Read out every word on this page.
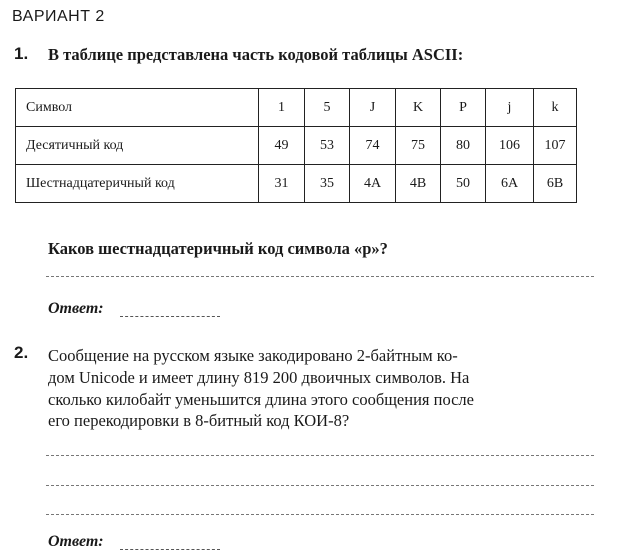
ВАРИАНТ 2
1. В таблице представлена часть кодовой таблицы ASCII:
Символ	1	5	J	K	P	j	k
Десятичный код	49	53	74	75	80	106	107
Шестнадцатеричный код	31	35	4A	4B	50	6A	6B
Каков шестнадцатеричный код символа «р»?
Ответ:
2. Сообщение на русском языке закодировано 2-байтным ко-
дом Unicode и имеет длину 819 200 двоичных символов. На
сколько килобайт уменьшится длина этого сообщения после
его перекодировки в 8-битный код КОИ-8?
Ответ:
